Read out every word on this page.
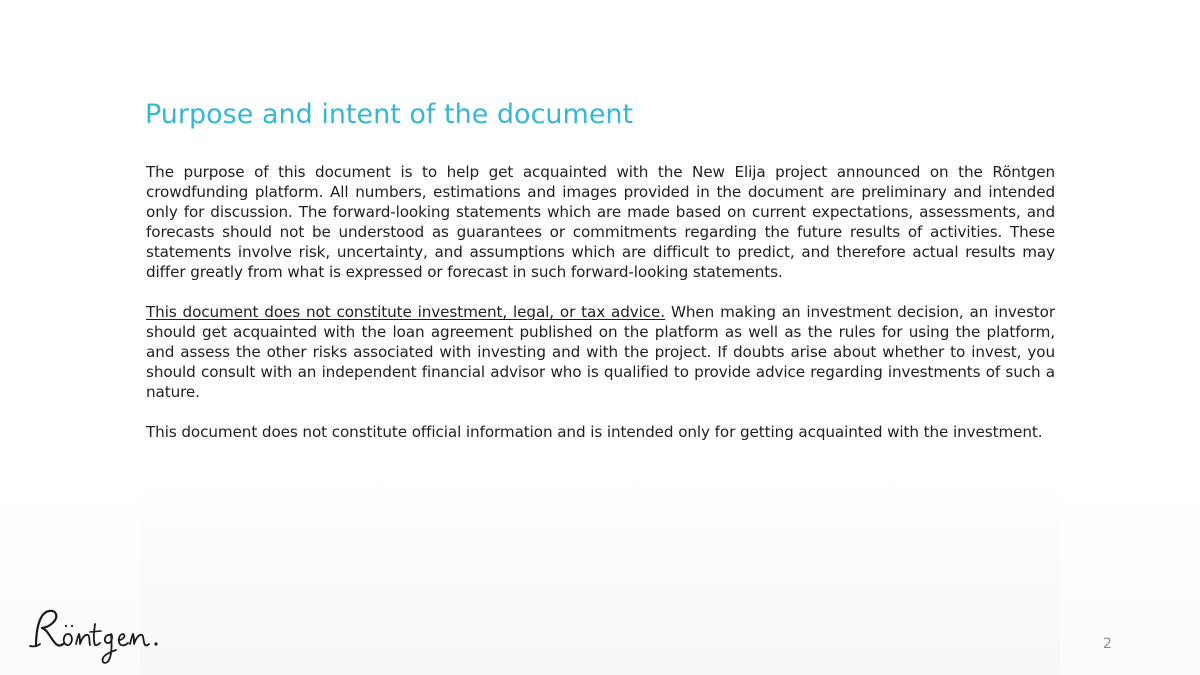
Purpose and intent of the document

The purpose of this document is to help get acquainted with the New Elija project announced on the Röntgen crowdfunding platform. All numbers, estimations and images provided in the document are preliminary and intended only for discussion. The forward-looking statements which are made based on current expectations, assessments, and forecasts should not be understood as guarantees or commitments regarding the future results of activities. These statements involve risk, uncertainty, and assumptions which are difficult to predict, and therefore actual results may differ greatly from what is expressed or forecast in such forward-looking statements.

This document does not constitute investment, legal, or tax advice. When making an investment decision, an investor should get acquainted with the loan agreement published on the platform as well as the rules for using the platform, and assess the other risks associated with investing and with the project. If doubts arise about whether to invest, you should consult with an independent financial advisor who is qualified to provide advice regarding investments of such a nature.

This document does not constitute official information and is intended only for getting acquainted with the investment.

2
